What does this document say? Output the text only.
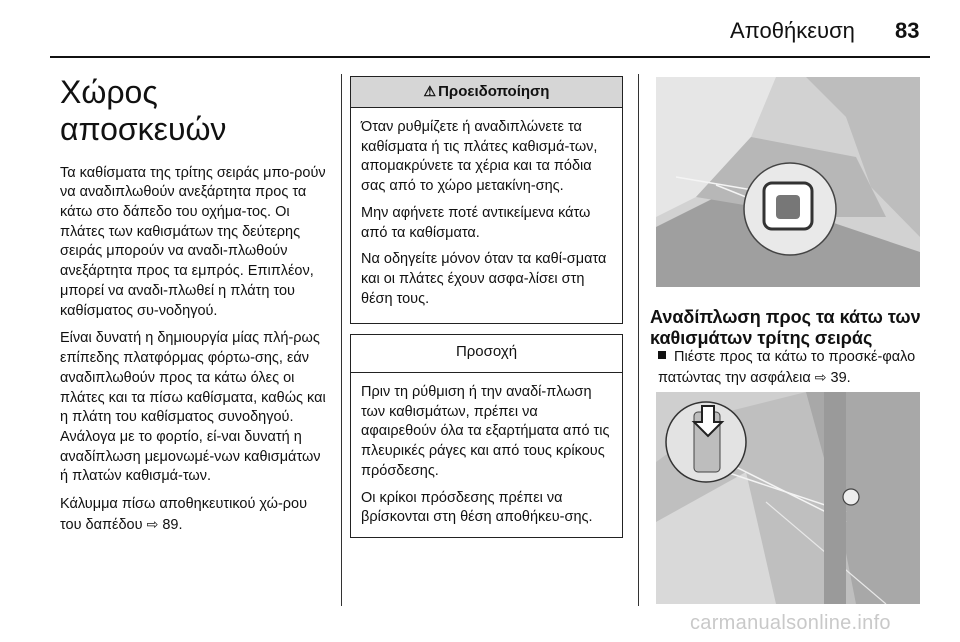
Αποθήκευση 83
Χώρος αποσκευών

Τα καθίσματα της τρίτης σειράς μπο-ρούν να αναδιπλωθούν ανεξάρτητα προς τα κάτω στο δάπεδο του οχήμα-τος. Οι πλάτες των καθισμάτων της δεύτερης σειράς μπορούν να αναδι-πλωθούν ανεξάρτητα προς τα εμπρός. Επιπλέον, μπορεί να αναδι-πλωθεί η πλάτη του καθίσματος συ-νοδηγού.

Είναι δυνατή η δημιουργία μίας πλή-ρως επίπεδης πλατφόρμας φόρτω-σης, εάν αναδιπλωθούν προς τα κάτω όλες οι πλάτες και τα πίσω καθίσματα, καθώς και η πλάτη του καθίσματος συνοδηγού. Ανάλογα με το φορτίο, εί-ναι δυνατή η αναδίπλωση μεμονωμέ-νων καθισμάτων ή πλατών καθισμά-των.

Κάλυμμα πίσω αποθηκευτικού χώ-ρου του δαπέδου ⇨ 89.

⚠ Προειδοποίηση

Όταν ρυθμίζετε ή αναδιπλώνετε τα καθίσματα ή τις πλάτες καθισμά-των, απομακρύνετε τα χέρια και τα πόδια σας από το χώρο μετακίνη-σης.

Μην αφήνετε ποτέ αντικείμενα κάτω από τα καθίσματα.

Να οδηγείτε μόνον όταν τα καθί-σματα και οι πλάτες έχουν ασφα-λίσει στη θέση τους.

Προσοχή

Πριν τη ρύθμιση ή την αναδί-πλωση των καθισμάτων, πρέπει να αφαιρεθούν όλα τα εξαρτήματα από τις πλευρικές ράγες και από τους κρίκους πρόσδεσης.

Οι κρίκοι πρόσδεσης πρέπει να βρίσκονται στη θέση αποθήκευ-σης.

Αναδίπλωση προς τα κάτω των καθισμάτων τρίτης σειράς
Πιέστε προς τα κάτω το προσκέ-φαλο πατώντας την ασφάλεια ⇨ 39.
carmanualsonline.info
